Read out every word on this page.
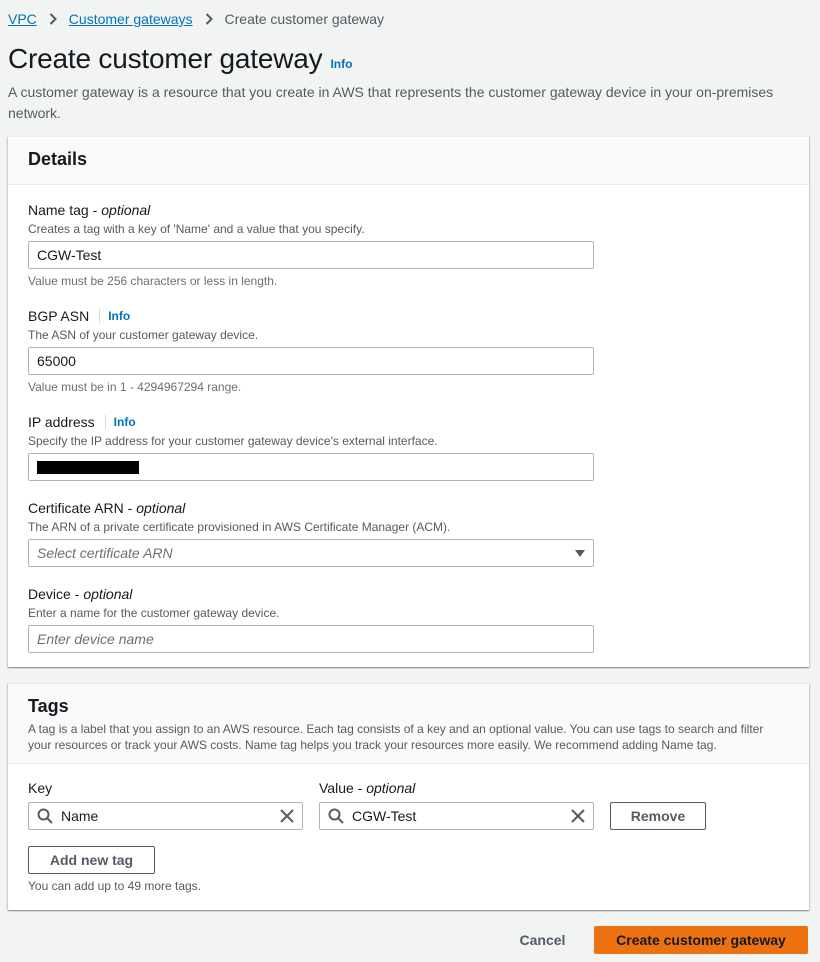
VPC Customer gateways Create customer gateway
Create customer gateway Info

A customer gateway is a resource that you create in AWS that represents the customer gateway device in your on-premises network.

Details
Name tag - optional
Creates a tag with a key of 'Name' and a value that you specify.
CGW-Test
Value must be 256 characters or less in length.
BGP ASN Info
The ASN of your customer gateway device.
65000
Value must be in 1 - 4294967294 range.
IP address Info
Specify the IP address for your customer gateway device's external interface.
Certificate ARN - optional
The ARN of a private certificate provisioned in AWS Certificate Manager (ACM).
Select certificate ARN
Device - optional
Enter a name for the customer gateway device.
Enter device name
Tags

A tag is a label that you assign to an AWS resource. Each tag consists of a key and an optional value. You can use tags to search and filter your resources or track your AWS costs. Name tag helps you track your resources more easily. We recommend adding Name tag.

Key	Value - optional
Name	CGW-Test	Remove
Add new tag
You can add up to 49 more tags.
Cancel	Create customer gateway
